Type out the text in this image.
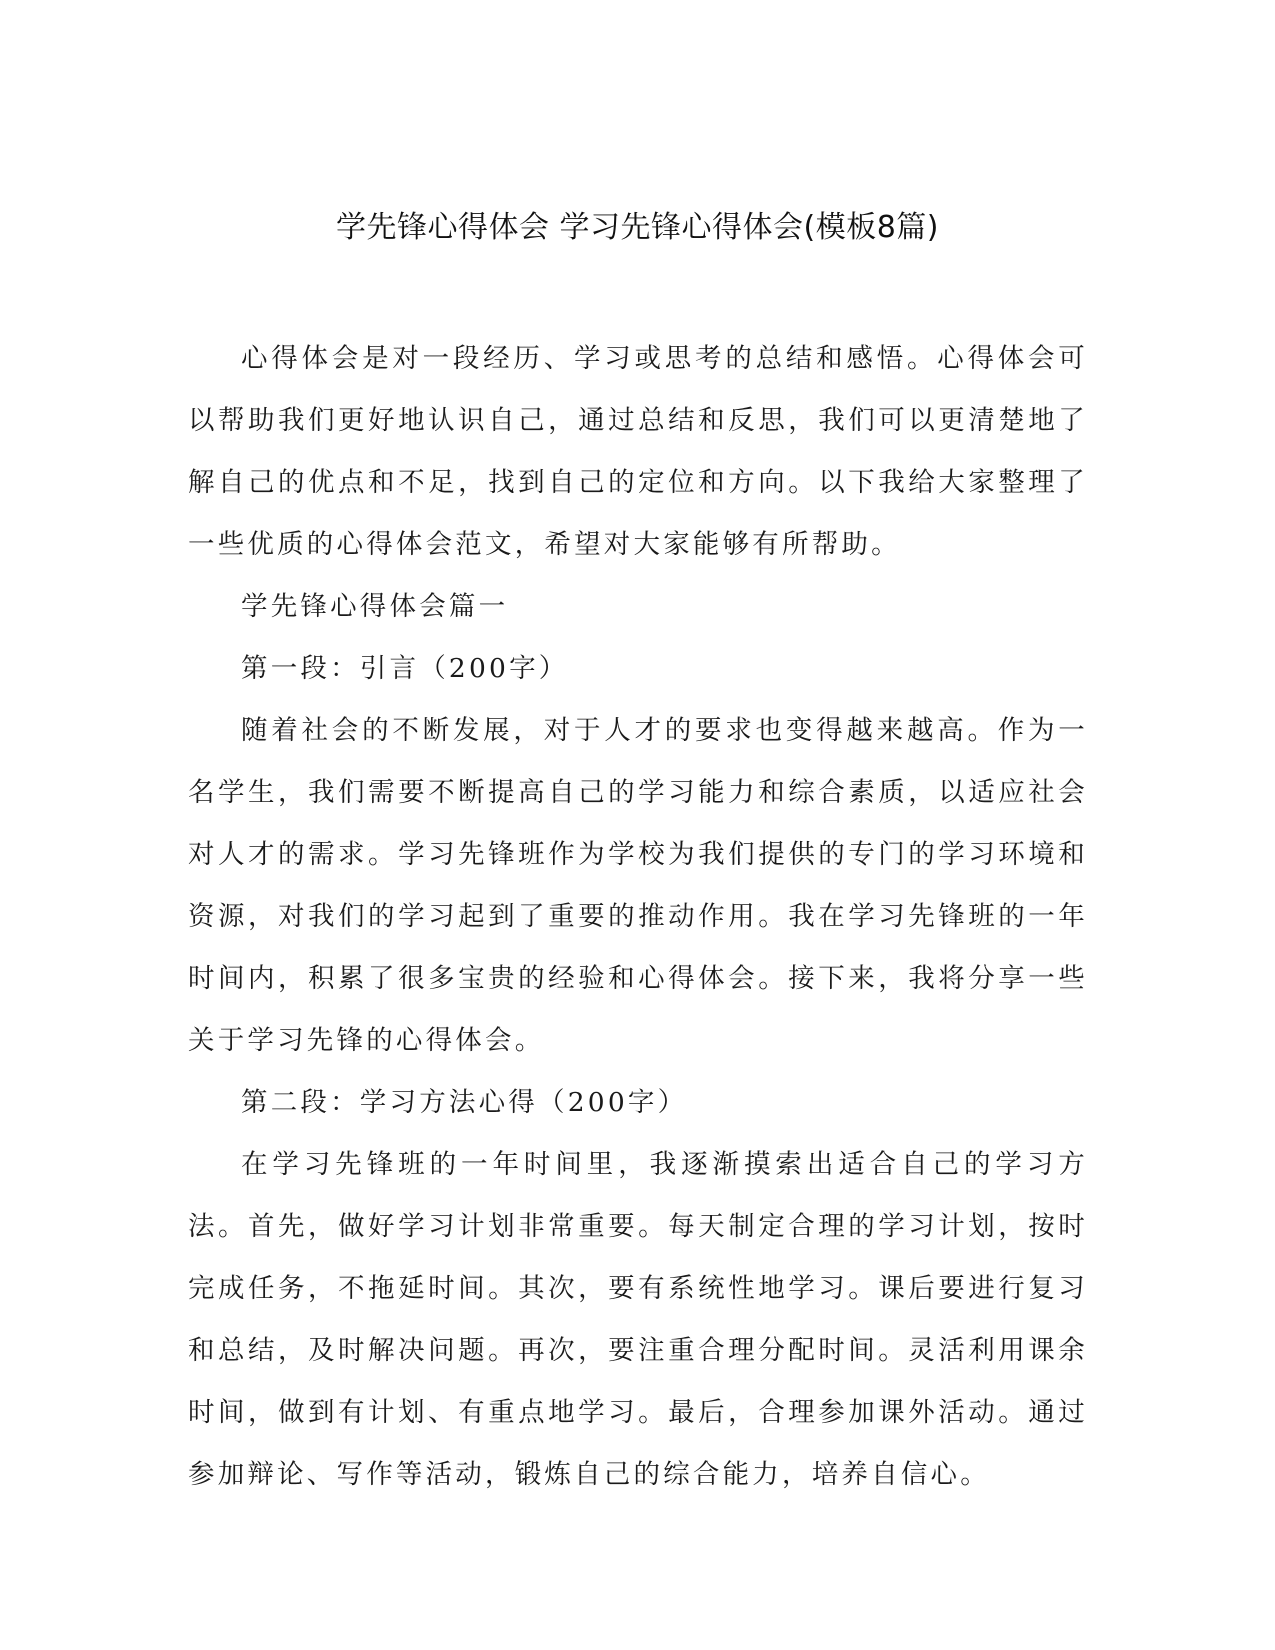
学先锋心得体会 学习先锋心得体会(模板8篇)

心得体会是对一段经历、学习或思考的总结和感悟。心得体会可以帮助我们更好地认识自己，通过总结和反思，我们可以更清楚地了解自己的优点和不足，找到自己的定位和方向。以下我给大家整理了一些优质的心得体会范文，希望对大家能够有所帮助。

学先锋心得体会篇一

第一段：引言（200字）

随着社会的不断发展，对于人才的要求也变得越来越高。作为一名学生，我们需要不断提高自己的学习能力和综合素质，以适应社会对人才的需求。学习先锋班作为学校为我们提供的专门的学习环境和资源，对我们的学习起到了重要的推动作用。我在学习先锋班的一年时间内，积累了很多宝贵的经验和心得体会。接下来，我将分享一些关于学习先锋的心得体会。

第二段：学习方法心得（200字）

在学习先锋班的一年时间里，我逐渐摸索出适合自己的学习方法。首先，做好学习计划非常重要。每天制定合理的学习计划，按时完成任务，不拖延时间。其次，要有系统性地学习。课后要进行复习和总结，及时解决问题。再次，要注重合理分配时间。灵活利用课余时间，做到有计划、有重点地学习。最后，合理参加课外活动。通过参加辩论、写作等活动，锻炼自己的综合能力，培养自信心。
